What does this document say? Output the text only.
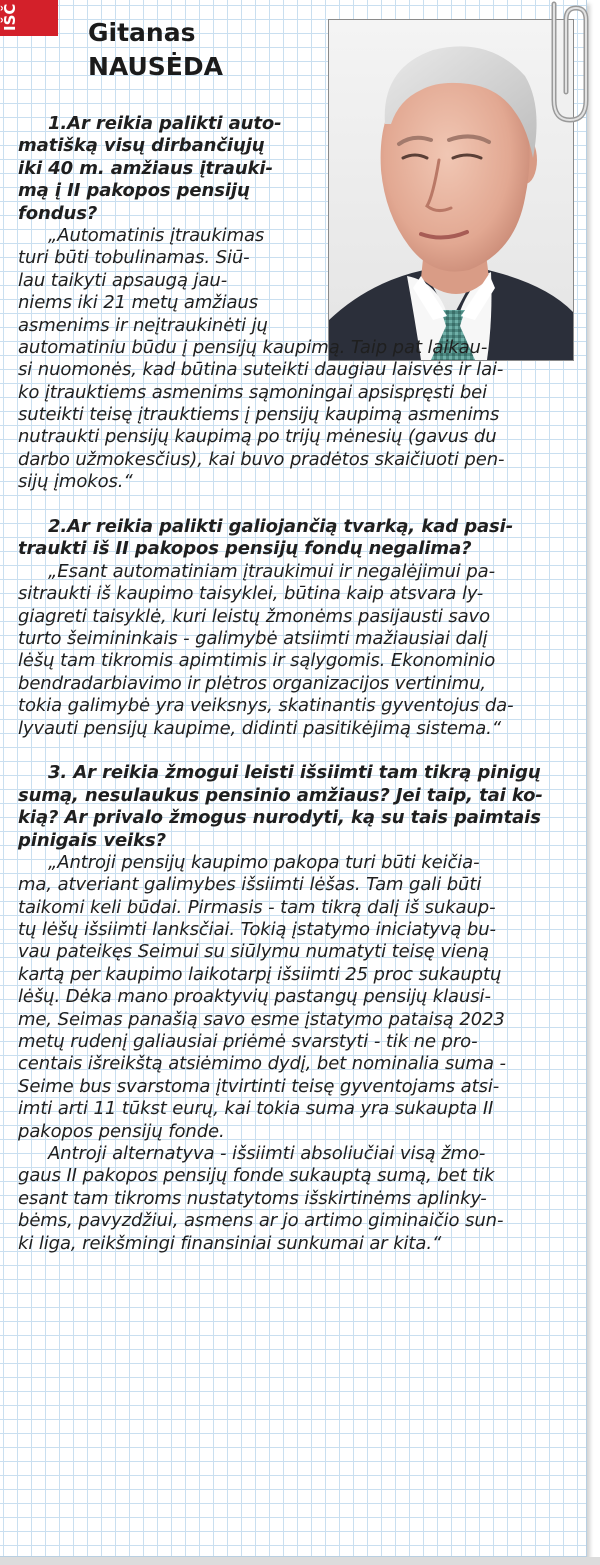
IŠČ
Gitanas
NAUSĖDA
1.Ar reikia palikti auto-
matišką visų dirbančiųjų
iki 40 m. amžiaus įtrauki-
mą į II pakopos pensijų
fondus?
„Automatinis įtraukimas
turi būti tobulinamas. Siū-
lau taikyti apsaugą jau-
niems iki 21 metų amžiaus
asmenims ir neįtraukinėti jų
automatiniu būdu į pensijų kaupimą. Taip pat laikau-
si nuomonės, kad būtina suteikti daugiau laisvės ir lai-
ko įtrauktiems asmenims sąmoningai apsispręsti bei
suteikti teisę įtrauktiems į pensijų kaupimą asmenims
nutraukti pensijų kaupimą po trijų mėnesių (gavus du
darbo užmokesčius), kai buvo pradėtos skaičiuoti pen-
sijų įmokos.“
2.Ar reikia palikti galiojančią tvarką, kad pasi-
traukti iš II pakopos pensijų fondų negalima?
„Esant automatiniam įtraukimui ir negalėjimui pa-
sitraukti iš kaupimo taisyklei, būtina kaip atsvara ly-
giagreti taisyklė, kuri leistų žmonėms pasijausti savo
turto šeimininkais - galimybė atsiimti mažiausiai dalį
lėšų tam tikromis apimtimis ir sąlygomis. Ekonominio
bendradarbiavimo ir plėtros organizacijos vertinimu,
tokia galimybė yra veiksnys, skatinantis gyventojus da-
lyvauti pensijų kaupime, didinti pasitikėjimą sistema.“
3. Ar reikia žmogui leisti išsiimti tam tikrą pinigų
sumą, nesulaukus pensinio amžiaus? Jei taip, tai ko-
kią? Ar privalo žmogus nurodyti, ką su tais paimtais
pinigais veiks?
„Antroji pensijų kaupimo pakopa turi būti keičia-
ma, atveriant galimybes išsiimti lėšas. Tam gali būti
taikomi keli būdai. Pirmasis - tam tikrą dalį iš sukaup-
tų lėšų išsiimti lanksčiai. Tokią įstatymo iniciatyvą bu-
vau pateikęs Seimui su siūlymu numatyti teisę vieną
kartą per kaupimo laikotarpį išsiimti 25 proc sukauptų
lėšų. Dėka mano proaktyvių pastangų pensijų klausi-
me, Seimas panašią savo esme įstatymo pataisą 2023
metų rudenį galiausiai priėmė svarstyti - tik ne pro-
centais išreikštą atsiėmimo dydį, bet nominalia suma -
Seime bus svarstoma įtvirtinti teisę gyventojams atsi-
imti arti 11 tūkst eurų, kai tokia suma yra sukaupta II
pakopos pensijų fonde.
Antroji alternatyva - išsiimti absoliučiai visą žmo-
gaus II pakopos pensijų fonde sukauptą sumą, bet tik
esant tam tikroms nustatytoms išskirtinėms aplinky-
bėms, pavyzdžiui, asmens ar jo artimo giminaičio sun-
ki liga, reikšmingi finansiniai sunkumai ar kita.“
